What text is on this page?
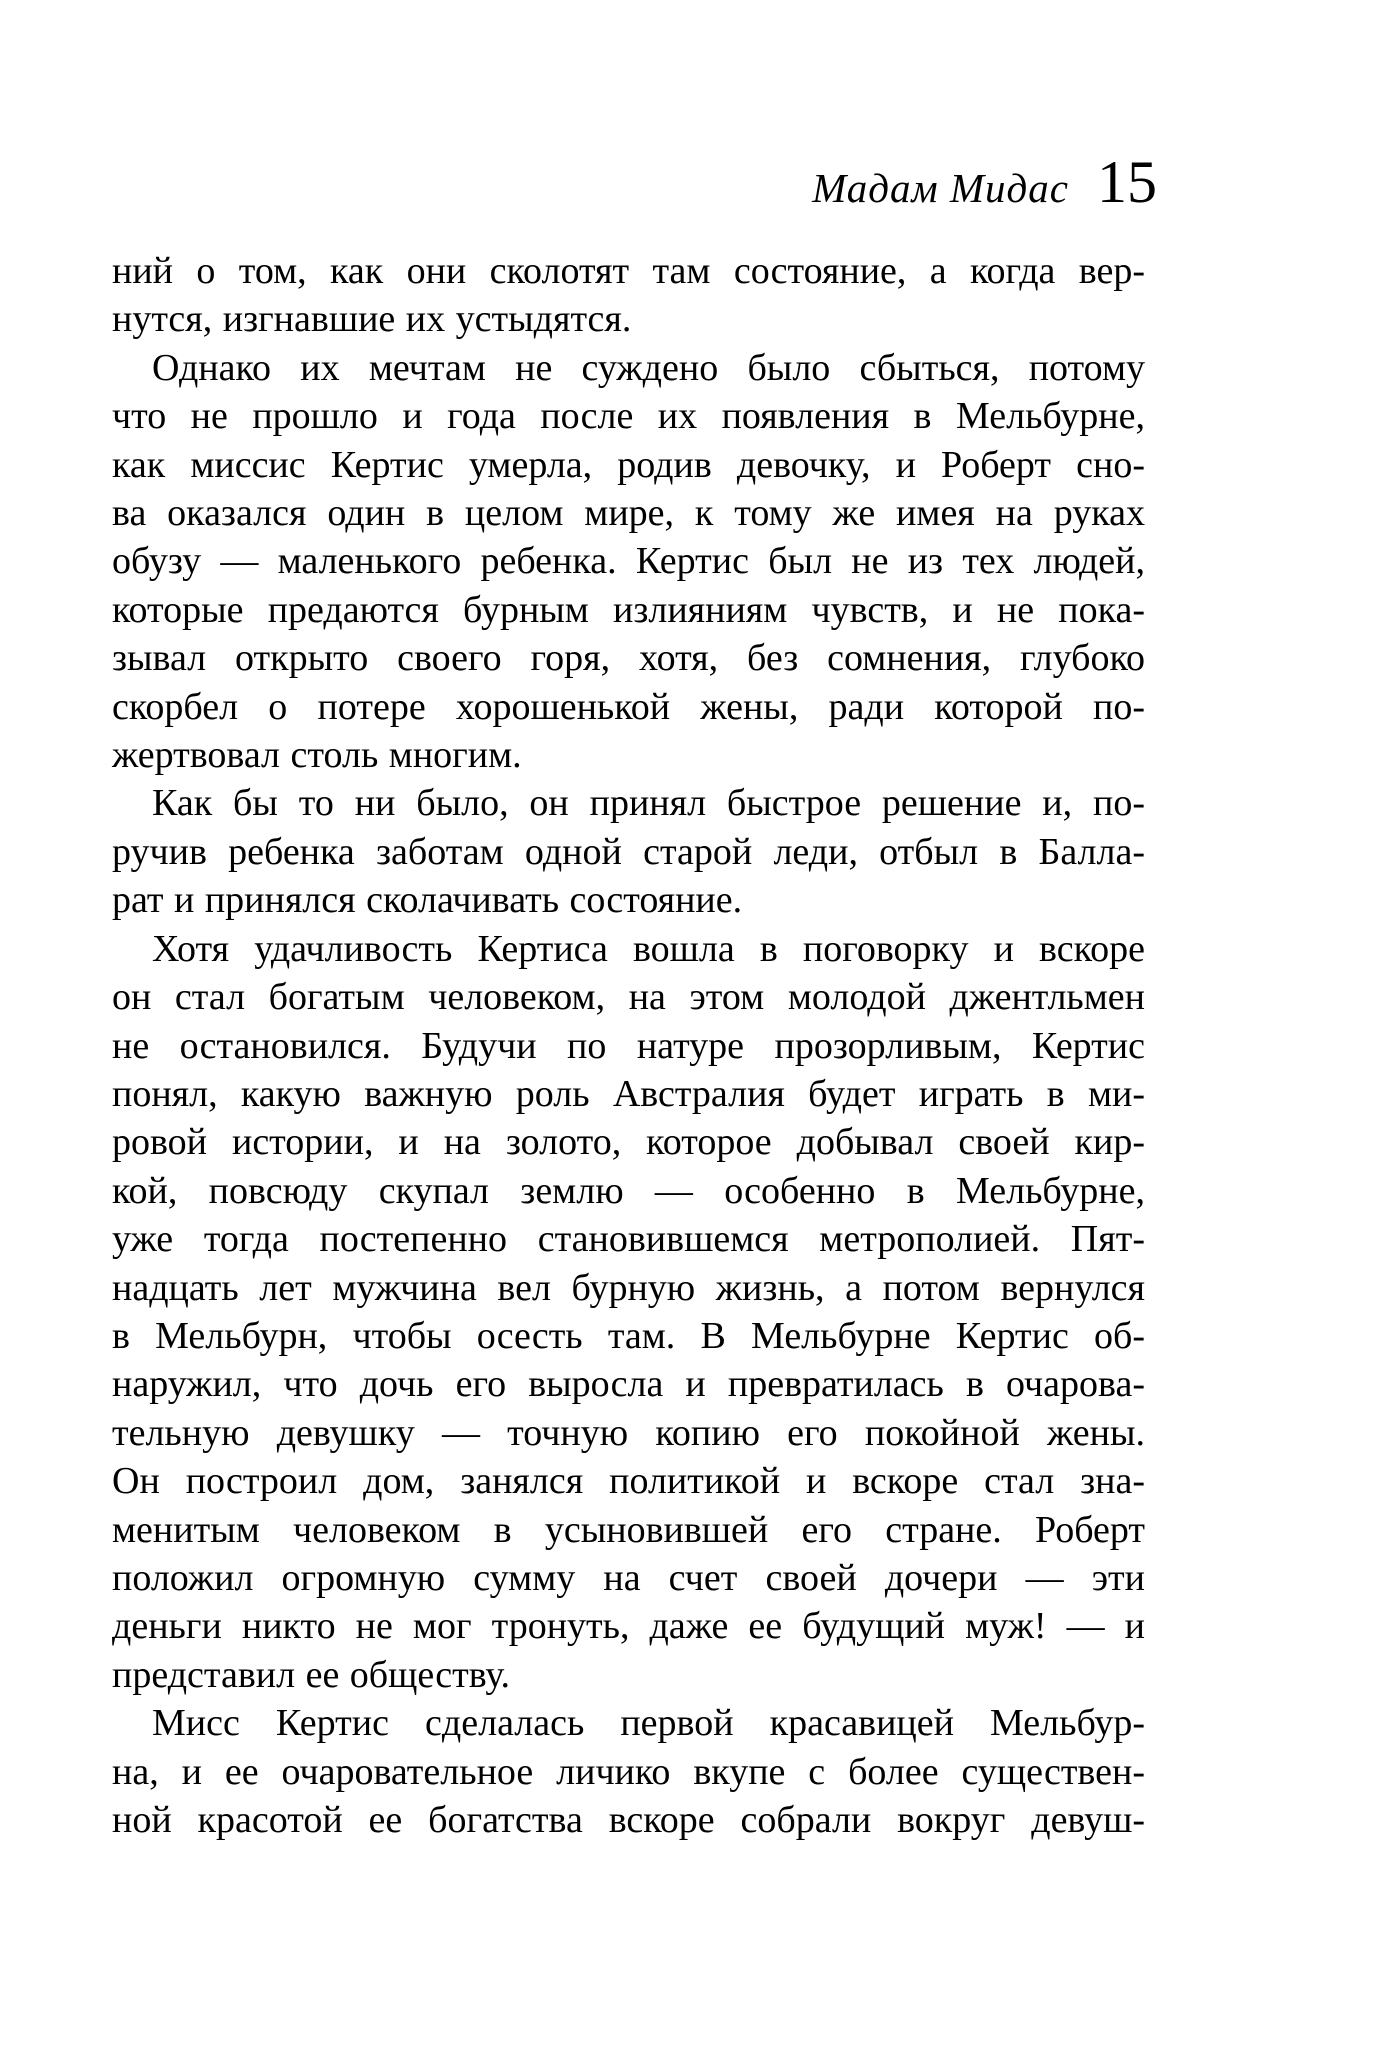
Мадам Мидас 15
ний о том, как они сколотят там состояние, а когда вер-
нутся, изгнавшие их устыдятся.
Однако их мечтам не суждено было сбыться, потому
что не прошло и года после их появления в Мельбурне,
как миссис Кертис умерла, родив девочку, и Роберт сно-
ва оказался один в целом мире, к тому же имея на руках
обузу — маленького ребенка. Кертис был не из тех людей,
которые предаются бурным излияниям чувств, и не пока-
зывал открыто своего горя, хотя, без сомнения, глубоко
скорбел о потере хорошенькой жены, ради которой по-
жертвовал столь многим.
Как бы то ни было, он принял быстрое решение и, по-
ручив ребенка заботам одной старой леди, отбыл в Балла-
рат и принялся сколачивать состояние.
Хотя удачливость Кертиса вошла в поговорку и вскоре
он стал богатым человеком, на этом молодой джентльмен
не остановился. Будучи по натуре прозорливым, Кертис
понял, какую важную роль Австралия будет играть в ми-
ровой истории, и на золото, которое добывал своей кир-
кой, повсюду скупал землю — особенно в Мельбурне,
уже тогда постепенно становившемся метрополией. Пят-
надцать лет мужчина вел бурную жизнь, а потом вернулся
в Мельбурн, чтобы осесть там. В Мельбурне Кертис об-
наружил, что дочь его выросла и превратилась в очарова-
тельную девушку — точную копию его покойной жены.
Он построил дом, занялся политикой и вскоре стал зна-
менитым человеком в усыновившей его стране. Роберт
положил огромную сумму на счет своей дочери — эти
деньги никто не мог тронуть, даже ее будущий муж! — и
представил ее обществу.
Мисс Кертис сделалась первой красавицей Мельбур-
на, и ее очаровательное личико вкупе с более существен-
ной красотой ее богатства вскоре собрали вокруг девуш-
